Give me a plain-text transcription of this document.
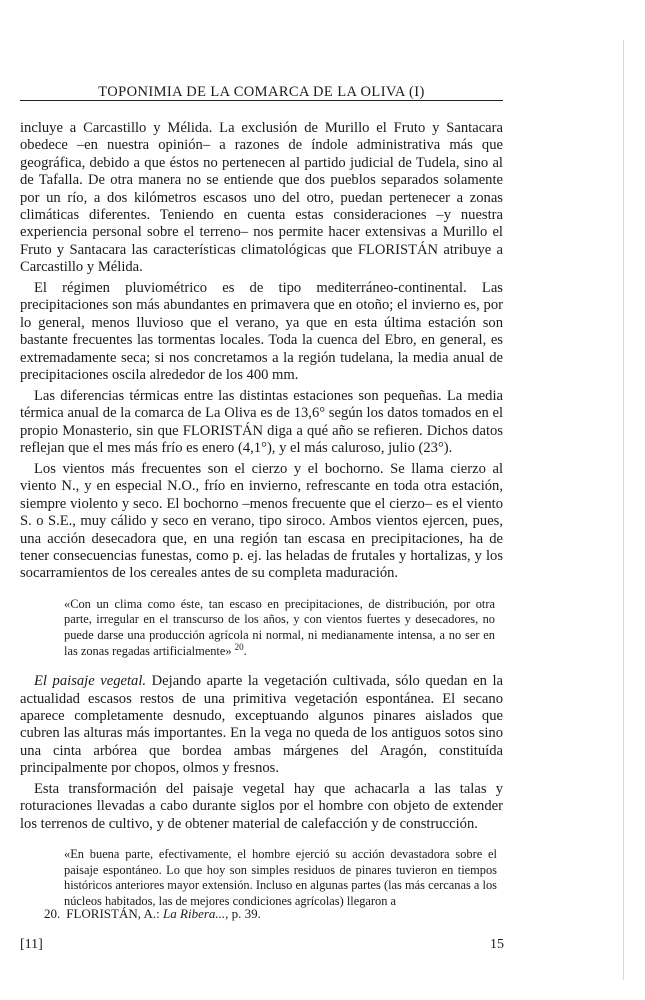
TOPONIMIA DE LA COMARCA DE LA OLIVA (I)

incluye a Carcastillo y Mélida. La exclusión de Murillo el Fruto y Santacara obedece –en nuestra opinión– a razones de índole administrativa más que geográfica, debido a que éstos no pertenecen al partido judicial de Tudela, sino al de Tafalla. De otra manera no se entiende que dos pueblos separados solamente por un río, a dos kilómetros escasos uno del otro, puedan pertenecer a zonas climáticas diferentes. Teniendo en cuenta estas consideraciones –y nuestra experiencia personal sobre el terreno– nos permite hacer extensivas a Murillo el Fruto y Santacara las características climatológicas que FLORISTÁN atribuye a Carcastillo y Mélida.

El régimen pluviométrico es de tipo mediterráneo-continental. Las precipitaciones son más abundantes en primavera que en otoño; el invierno es, por lo general, menos lluvioso que el verano, ya que en esta última estación son bastante frecuentes las tormentas locales. Toda la cuenca del Ebro, en general, es extremadamente seca; si nos concretamos a la región tudelana, la media anual de precipitaciones oscila alrededor de los 400 mm.

Las diferencias térmicas entre las distintas estaciones son pequeñas. La media térmica anual de la comarca de La Oliva es de 13,6° según los datos tomados en el propio Monasterio, sin que FLORISTÁN diga a qué año se refieren. Dichos datos reflejan que el mes más frío es enero (4,1°), y el más caluroso, julio (23°).

Los vientos más frecuentes son el cierzo y el bochorno. Se llama cierzo al viento N., y en especial N.O., frío en invierno, refrescante en toda otra estación, siempre violento y seco. El bochorno –menos frecuente que el cierzo– es el viento S. o S.E., muy cálido y seco en verano, tipo siroco. Ambos vientos ejercen, pues, una acción desecadora que, en una región tan escasa en precipitaciones, ha de tener consecuencias funestas, como p. ej. las heladas de frutales y hortalizas, y los socarramientos de los cereales antes de su completa maduración.

«Con un clima como éste, tan escaso en precipitaciones, de distribución, por otra parte, irregular en el transcurso de los años, y con vientos fuertes y desecadores, no puede darse una producción agrícola ni normal, ni medianamente intensa, a no ser en las zonas regadas artificialmente» $^{20}$.

El paisaje vegetal. Dejando aparte la vegetación cultivada, sólo quedan en la actualidad escasos restos de una primitiva vegetación espontánea. El secano aparece completamente desnudo, exceptuando algunos pinares aislados que cubren las alturas más importantes. En la vega no queda de los antiguos sotos sino una cinta arbórea que bordea ambas márgenes del Aragón, constituída principalmente por chopos, olmos y fresnos.

Esta transformación del paisaje vegetal hay que achacarla a las talas y roturaciones llevadas a cabo durante siglos por el hombre con objeto de extender los terrenos de cultivo, y de obtener material de calefacción y de construcción.

«En buena parte, efectivamente, el hombre ejerció su acción devastadora sobre el paisaje espontáneo. Lo que hoy son simples residuos de pinares tuvieron en tiempos históricos anteriores mayor extensión. Incluso en algunas partes (las más cercanas a los núcleos habitados, las de mejores condiciones agrícolas) llegaron a
20. FLORISTÁN, A.: La Ribera..., p. 39.
[11]	15
